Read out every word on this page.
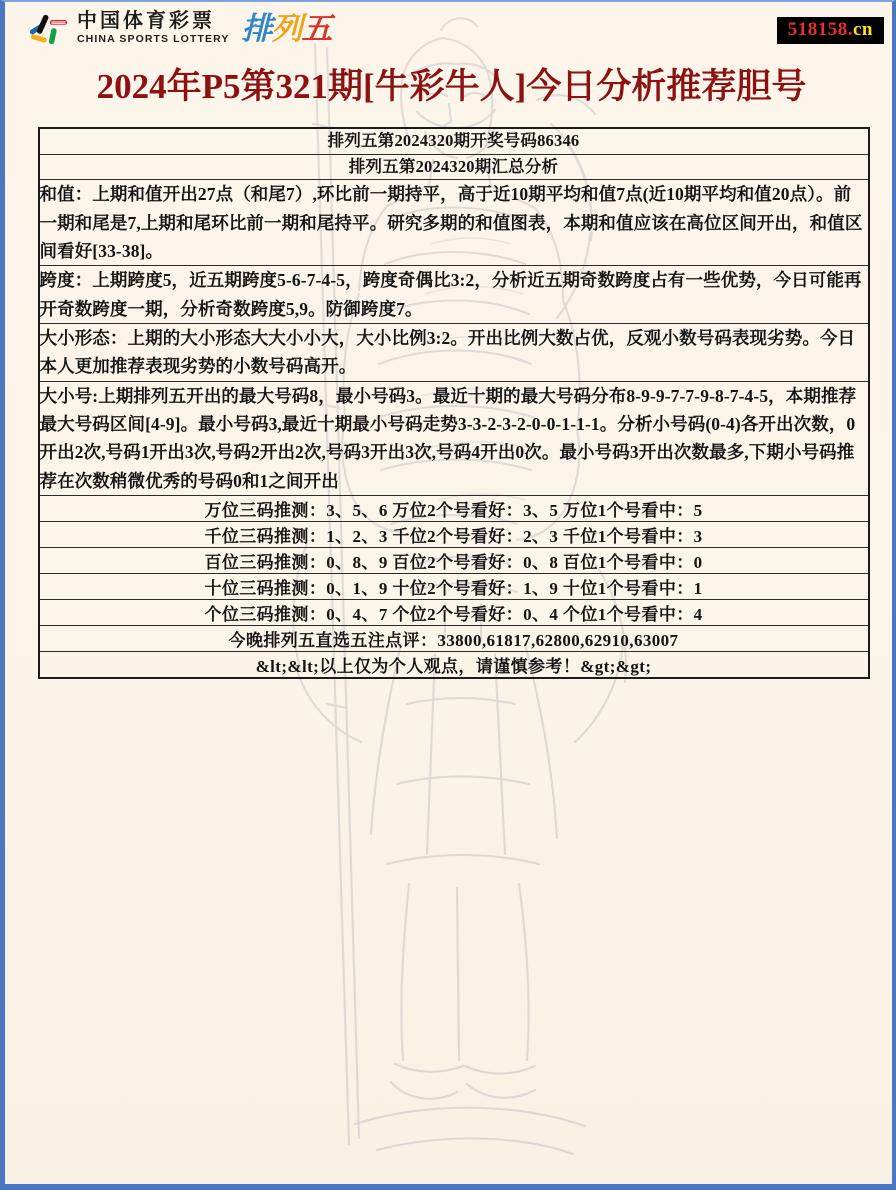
中国体育彩票
CHINA SPORTS LOTTERY 排列五	518158.cn
2024年P5第321期[牛彩牛人]今日分析推荐胆号
排列五第2024320期开奖号码86346
排列五第2024320期汇总分析
和值：上期和值开出27点（和尾7）,环比前一期持平，高于近10期平均和值7点(近10期平均和值20点）。前一期和尾是7,上期和尾环比前一期和尾持平。研究多期的和值图表，本期和值应该在高位区间开出，和值区间看好[33-38]。
跨度：上期跨度5，近五期跨度5-6-7-4-5，跨度奇偶比3:2，分析近五期奇数跨度占有一些优势，今日可能再开奇数跨度一期，分析奇数跨度5,9。防御跨度7。
大小形态：上期的大小形态大大小小大，大小比例3:2。开出比例大数占优，反观小数号码表现劣势。今日本人更加推荐表现劣势的小数号码高开。
大小号:上期排列五开出的最大号码8，最小号码3。最近十期的最大号码分布8-9-9-7-7-9-8-7-4-5，本期推荐最大号码区间[4-9]。最小号码3,最近十期最小号码走势3-3-2-3-2-0-0-1-1-1。分析小号码(0-4)各开出次数，0开出2次,号码1开出3次,号码2开出2次,号码3开出3次,号码4开出0次。最小号码3开出次数最多,下期小号码推荐在次数稍微优秀的号码0和1之间开出
万位三码推测：3、5、6 万位2个号看好：3、5 万位1个号看中：5
千位三码推测：1、2、3 千位2个号看好：2、3 千位1个号看中：3
百位三码推测：0、8、9 百位2个号看好：0、8 百位1个号看中：0
十位三码推测：0、1、9 十位2个号看好：1、9 十位1个号看中：1
个位三码推测：0、4、7 个位2个号看好：0、4 个位1个号看中：4
今晚排列五直选五注点评：33800,61817,62800,62910,63007
&lt;&lt;以上仅为个人观点，请谨慎参考！&gt;&gt;
